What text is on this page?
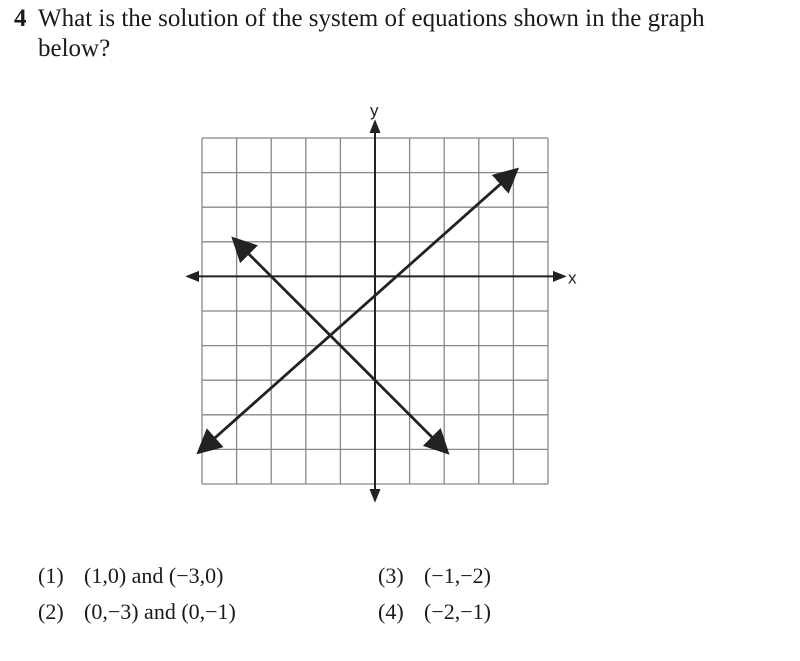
4 What is the solution of the system of equations shown in the graph
below?
x
y
(1) (1,0) and (−3,0)
(2) (0,−3) and (0,−1)
(3) (−1,−2)
(4) (−2,−1)
